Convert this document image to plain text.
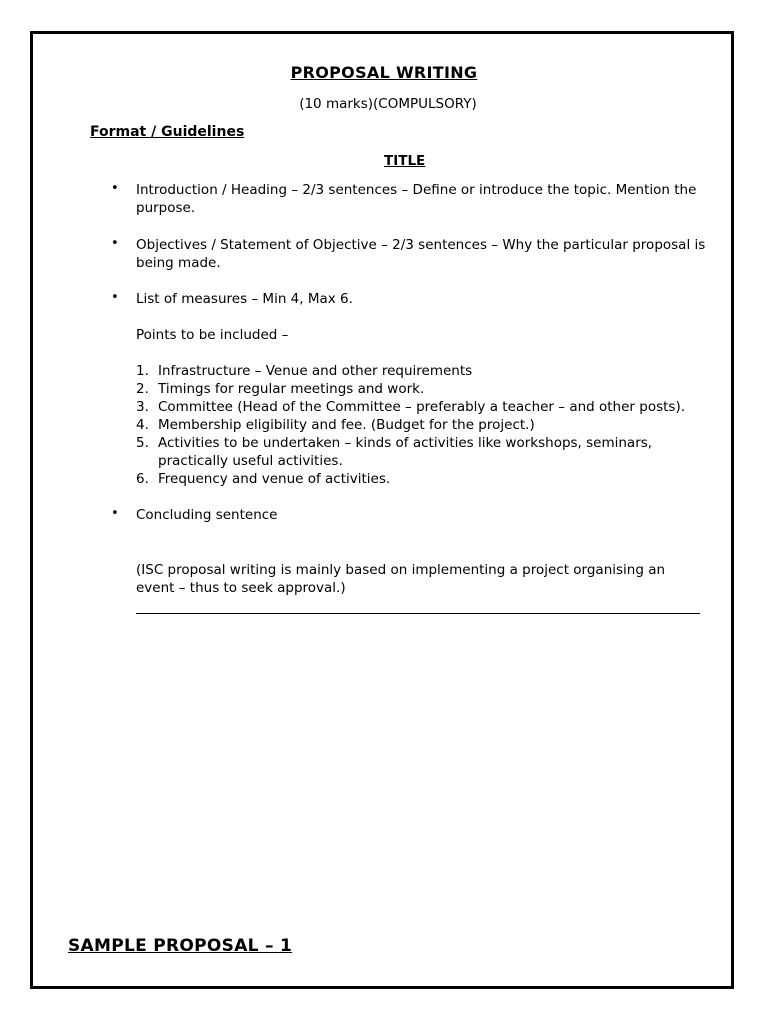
PROPOSAL WRITING
(10 marks)(COMPULSORY)
Format / Guidelines
TITLE
• Introduction / Heading – 2/3 sentences – Define or introduce the topic. Mention the purpose.
• Objectives / Statement of Objective – 2/3 sentences – Why the particular proposal is being made.
• List of measures – Min 4, Max 6.
Points to be included –
1. Infrastructure – Venue and other requirements
2. Timings for regular meetings and work.
3. Committee (Head of the Committee – preferably a teacher – and other posts).
4. Membership eligibility and fee. (Budget for the project.)
5. Activities to be undertaken – kinds of activities like workshops, seminars, practically useful activities.
6. Frequency and venue of activities.
• Concluding sentence
(ISC proposal writing is mainly based on implementing a project organising an event – thus to seek approval.)
SAMPLE PROPOSAL – 1
